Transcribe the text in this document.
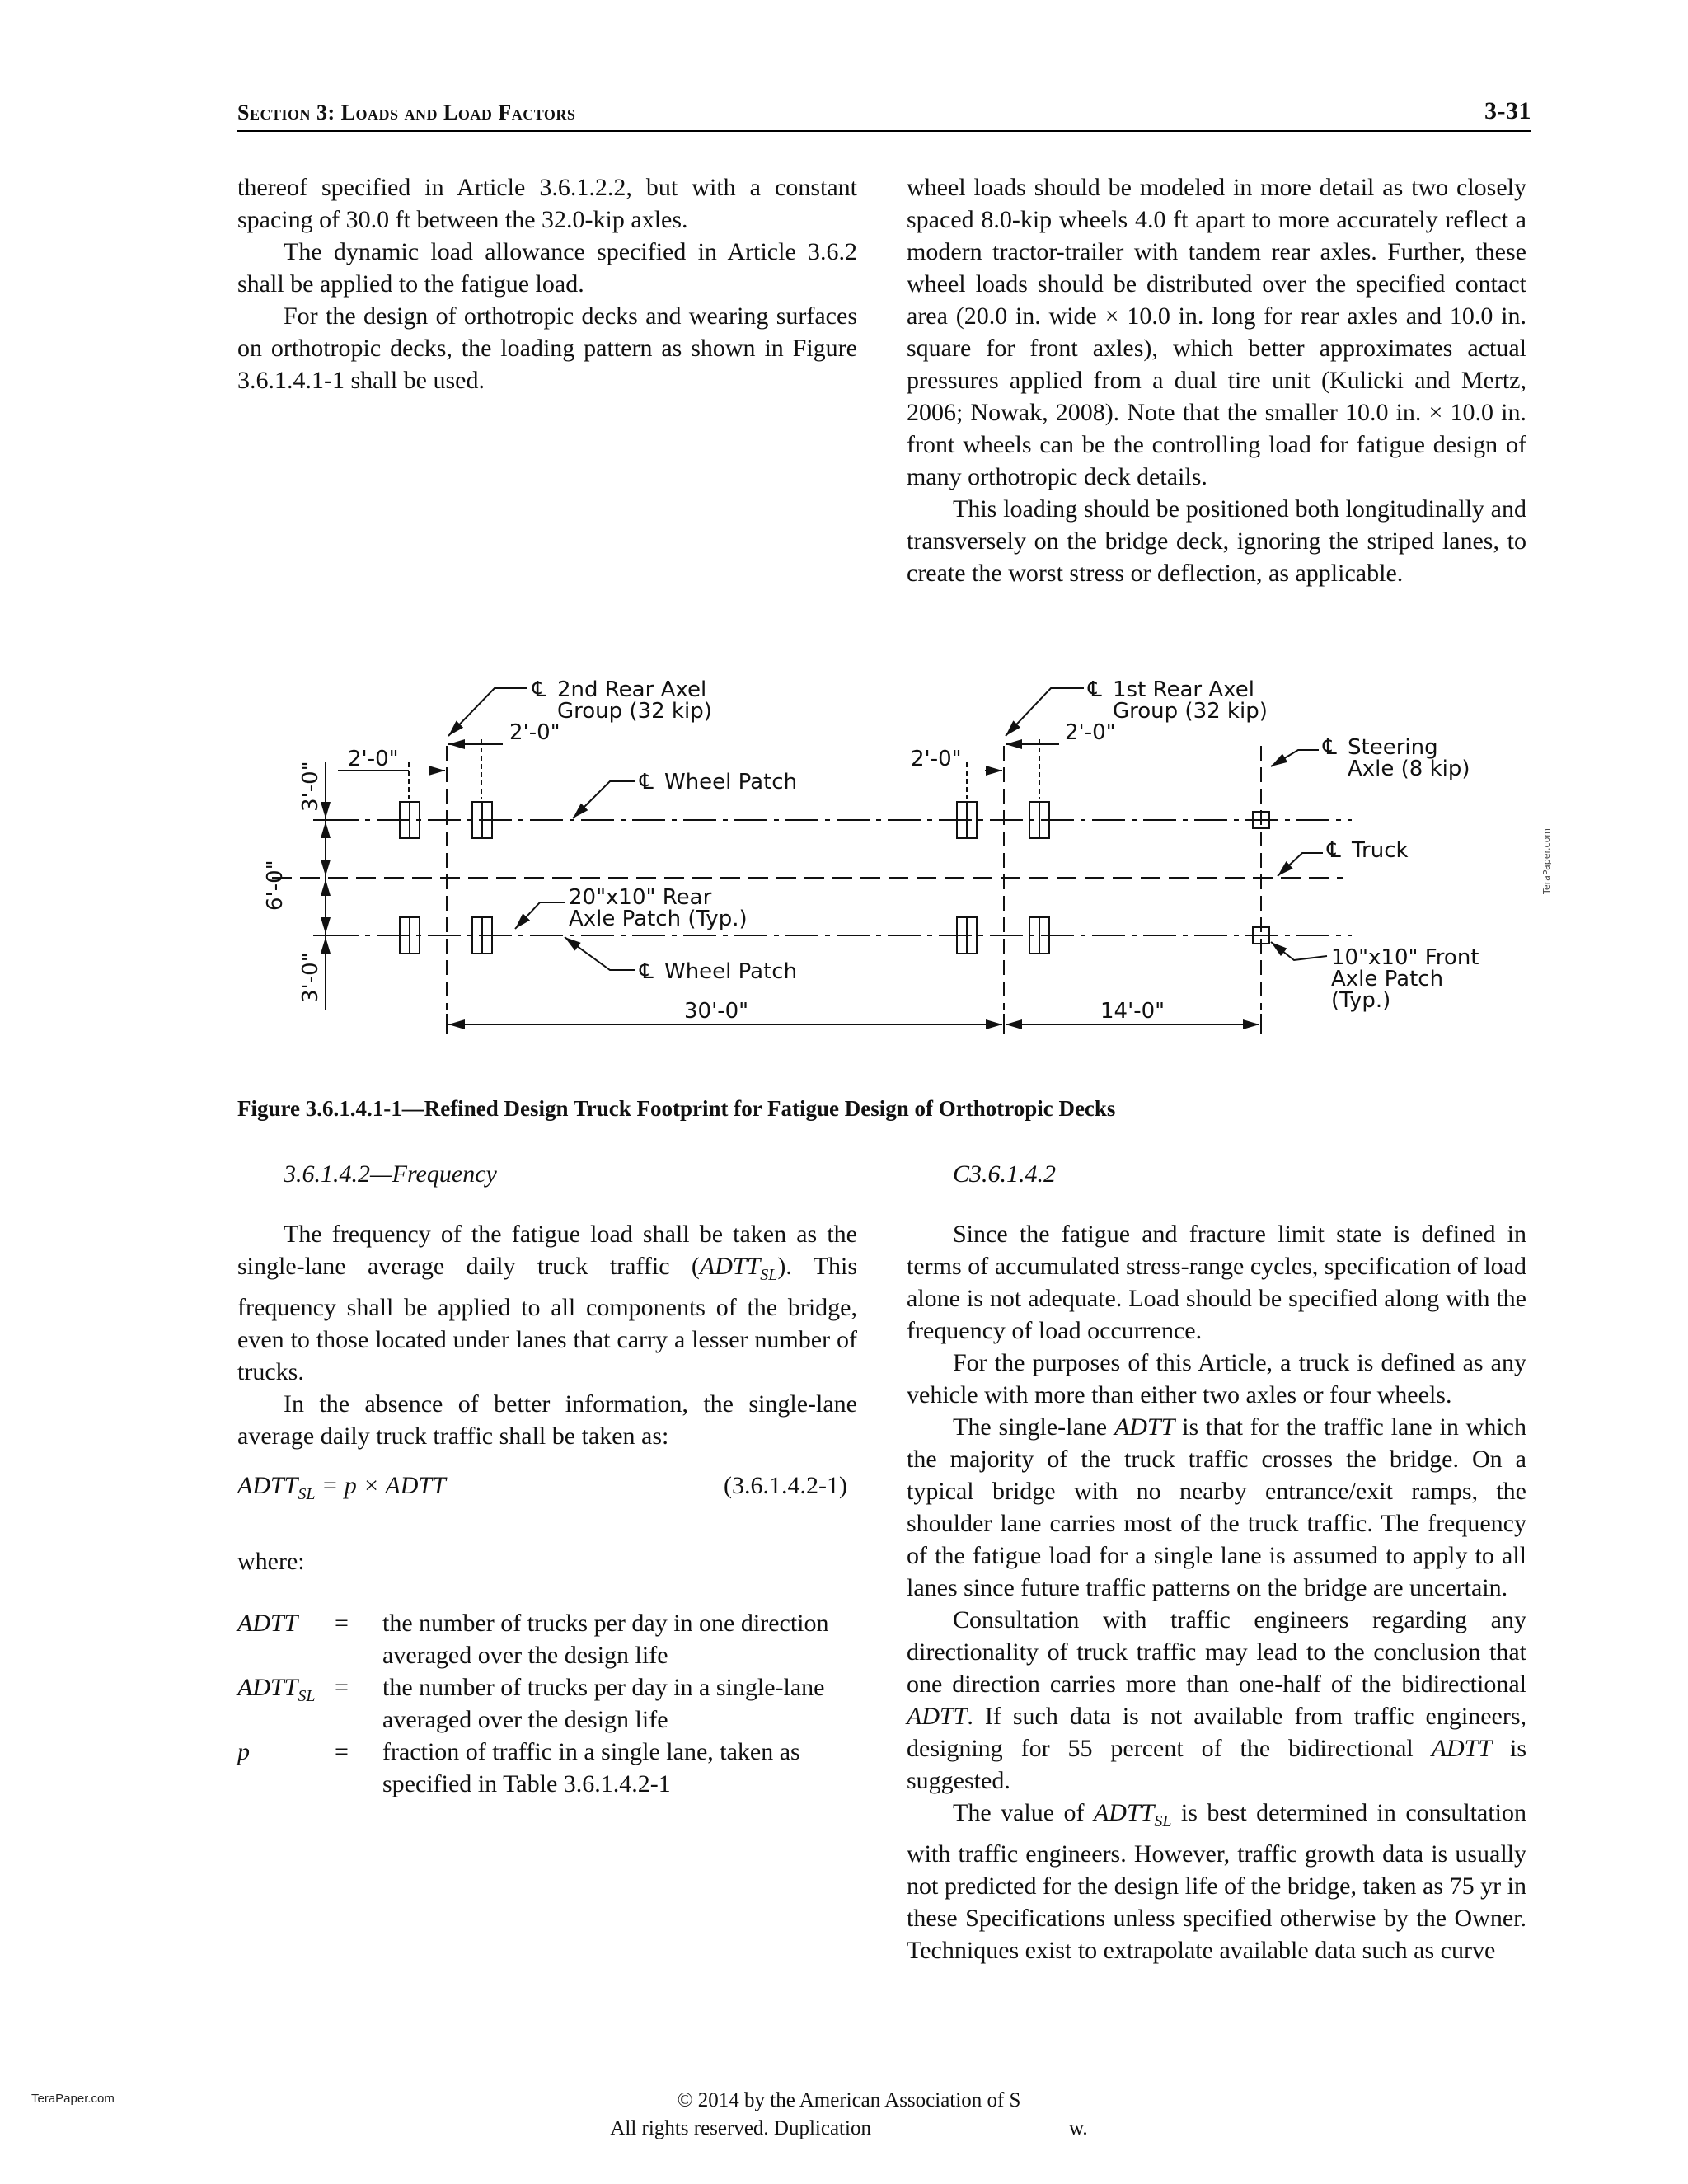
Section 3: Loads and Load Factors	3-31

thereof specified in Article 3.6.1.2.2, but with a constant spacing of 30.0 ft between the 32.0-kip axles.

The dynamic load allowance specified in Article 3.6.2 shall be applied to the fatigue load.

For the design of orthotropic decks and wearing surfaces on orthotropic decks, the loading pattern as shown in Figure 3.6.1.4.1-1 shall be used.

wheel loads should be modeled in more detail as two closely spaced 8.0-kip wheels 4.0 ft apart to more accurately reflect a modern tractor-trailer with tandem rear axles. Further, these wheel loads should be distributed over the specified contact area (20.0 in. wide × 10.0 in. long for rear axles and 10.0 in. square for front axles), which better approximates actual pressures applied from a dual tire unit (Kulicki and Mertz, 2006; Nowak, 2008). Note that the smaller 10.0 in. × 10.0 in. front wheels can be the controlling load for fatigue design of many orthotropic deck details.

This loading should be positioned both longitudinally and transversely on the bridge deck, ignoring the striped lanes, to create the worst stress or deflection, as applicable.

℄ 2nd Rear Axel
Group (32 kip)
℄ 1st Rear Axel
Group (32 kip)
℄ Steering
Axle (8 kip)
℄ Wheel Patch
℄ Truck
20"x10" Rear
Axle Patch (Typ.)
℄ Wheel Patch
10"x10" Front
Axle Patch
(Typ.)
2'-0"
2'-0"
2'-0"
2'-0"
30'-0"	14'-0"
3'-0"
6'-0"
3'-0"
TeraPaper.com
Figure 3.6.1.4.1-1—Refined Design Truck Footprint for Fatigue Design of Orthotropic Decks
3.6.1.4.2—Frequency	C3.6.1.4.2

The frequency of the fatigue load shall be taken as the single-lane average daily truck traffic $(ADTT_{SL})$. This frequency shall be applied to all components of the bridge, even to those located under lanes that carry a lesser number of trucks.

In the absence of better information, the single-lane average daily truck traffic shall be taken as:

$ADTT_{SL} = p$ × ADTT	(3.6.1.4.2-1)
where:
ADTT = the number of trucks per day in one direction averaged over the design life
$ADTT_{SL}$ = the number of trucks per day in a single-lane averaged over the design life
p	= fraction of traffic in a single lane, taken as specified in Table 3.6.1.4.2-1

Since the fatigue and fracture limit state is defined in terms of accumulated stress-range cycles, specification of load alone is not adequate. Load should be specified along with the frequency of load occurrence.

For the purposes of this Article, a truck is defined as any vehicle with more than either two axles or four wheels.

The single-lane ADTT is that for the traffic lane in which the majority of the truck traffic crosses the bridge. On a typical bridge with no nearby entrance/exit ramps, the shoulder lane carries most of the truck traffic. The frequency of the fatigue load for a single lane is assumed to apply to all lanes since future traffic patterns on the bridge are uncertain.

Consultation with traffic engineers regarding any directionality of truck traffic may lead to the conclusion that one direction carries more than one-half of the bidirectional ADTT. If such data is not available from traffic engineers, designing for 55 percent of the bidirectional ADTT is suggested.

The value of $ADTT_{SL}$ is best determined in consultation with traffic engineers. However, traffic growth data is usually not predicted for the design life of the bridge, taken as 75 yr in these Specifications unless specified otherwise by the Owner. Techniques exist to extrapolate available data such as curve

TeraPaper.com	© 2014 by the American Association of S
All rights reserved. Duplication	w.
